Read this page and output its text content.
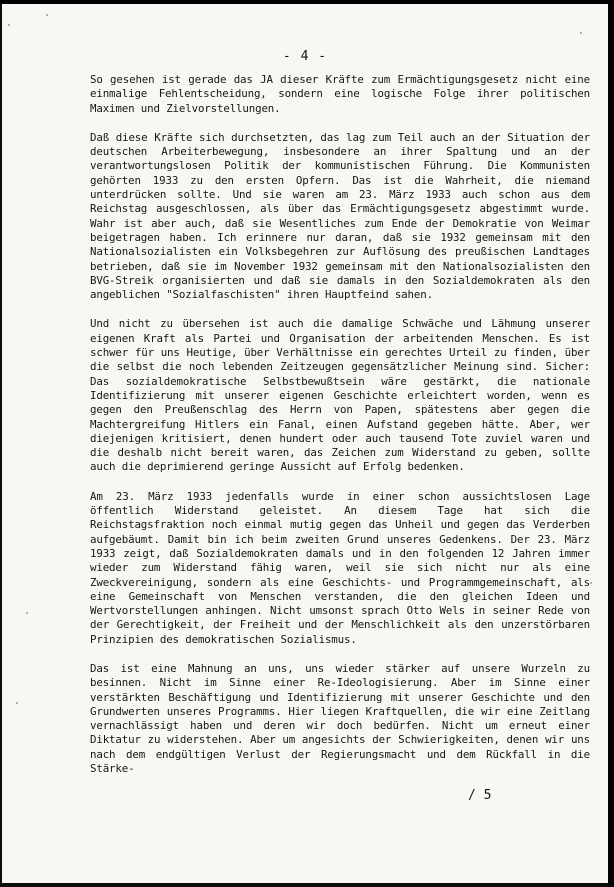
- 4 -

So gesehen ist gerade das JA dieser Kräfte zum Ermächtigungsgesetz nicht eine einmalige Fehlentscheidung, sondern eine logische Folge ihrer politischen Maximen und Zielvorstellungen.

Daß diese Kräfte sich durchsetzten, das lag zum Teil auch an der Situation der deutschen Arbeiterbewegung, insbesondere an ihrer Spaltung und an der verantwortungslosen Politik der kommunistischen Führung. Die Kommunisten gehörten 1933 zu den ersten Opfern. Das ist die Wahrheit, die niemand unterdrücken sollte. Und sie waren am 23. März 1933 auch schon aus dem Reichstag ausgeschlossen, als über das Ermächtigungsgesetz abgestimmt wurde. Wahr ist aber auch, daß sie Wesentliches zum Ende der Demokratie von Weimar beigetragen haben. Ich erinnere nur daran, daß sie 1932 gemeinsam mit den Nationalsozialisten ein Volksbegehren zur Auflösung des preußischen Landtages betrieben, daß sie im November 1932 gemeinsam mit den Nationalsozialisten den BVG-Streik organisierten und daß sie damals in den Sozialdemokraten als den angeblichen "Sozialfaschisten" ihren Hauptfeind sahen.

Und nicht zu übersehen ist auch die damalige Schwäche und Lähmung unserer eigenen Kraft als Partei und Organisation der arbeitenden Menschen. Es ist schwer für uns Heutige, über Verhältnisse ein gerechtes Urteil zu finden, über die selbst die noch lebenden Zeitzeugen gegensätzlicher Meinung sind. Sicher: Das sozialdemokratische Selbstbewußtsein wäre gestärkt, die nationale Identifizierung mit unserer eigenen Geschichte erleichtert worden, wenn es gegen den Preußenschlag des Herrn von Papen, spätestens aber gegen die Machtergreifung Hitlers ein Fanal, einen Aufstand gegeben hätte. Aber, wer diejenigen kritisiert, denen hundert oder auch tausend Tote zuviel waren und die deshalb nicht bereit waren, das Zeichen zum Widerstand zu geben, sollte auch die deprimierend geringe Aussicht auf Erfolg bedenken.

Am 23. März 1933 jedenfalls wurde in einer schon aussichtslosen Lage öffentlich Widerstand geleistet. An diesem Tage hat sich die Reichstagsfraktion noch einmal mutig gegen das Unheil und gegen das Verderben aufgebäumt. Damit bin ich beim zweiten Grund unseres Gedenkens. Der 23. März 1933 zeigt, daß Sozialdemokraten damals und in den folgenden 12 Jahren immer wieder zum Widerstand fähig waren, weil sie sich nicht nur als eine Zweckvereinigung, sondern als eine Geschichts- und Programmgemeinschaft, als eine Gemeinschaft von Menschen verstanden, die den gleichen Ideen und Wertvorstellungen anhingen. Nicht umsonst sprach Otto Wels in seiner Rede von der Gerechtigkeit, der Freiheit und der Menschlichkeit als den unzerstörbaren Prinzipien des demokratischen Sozialismus.

Das ist eine Mahnung an uns, uns wieder stärker auf unsere Wurzeln zu besinnen. Nicht im Sinne einer Re-Ideologisierung. Aber im Sinne einer verstärkten Beschäftigung und Identifizierung mit unserer Geschichte und den Grundwerten unseres Programms. Hier liegen Kraftquellen, die wir eine Zeitlang vernachlässigt haben und deren wir doch bedürfen. Nicht um erneut einer Diktatur zu widerstehen. Aber um angesichts der Schwierigkeiten, denen wir uns nach dem endgültigen Verlust der Regierungsmacht und dem Rückfall in die Stärke-

/ 5
